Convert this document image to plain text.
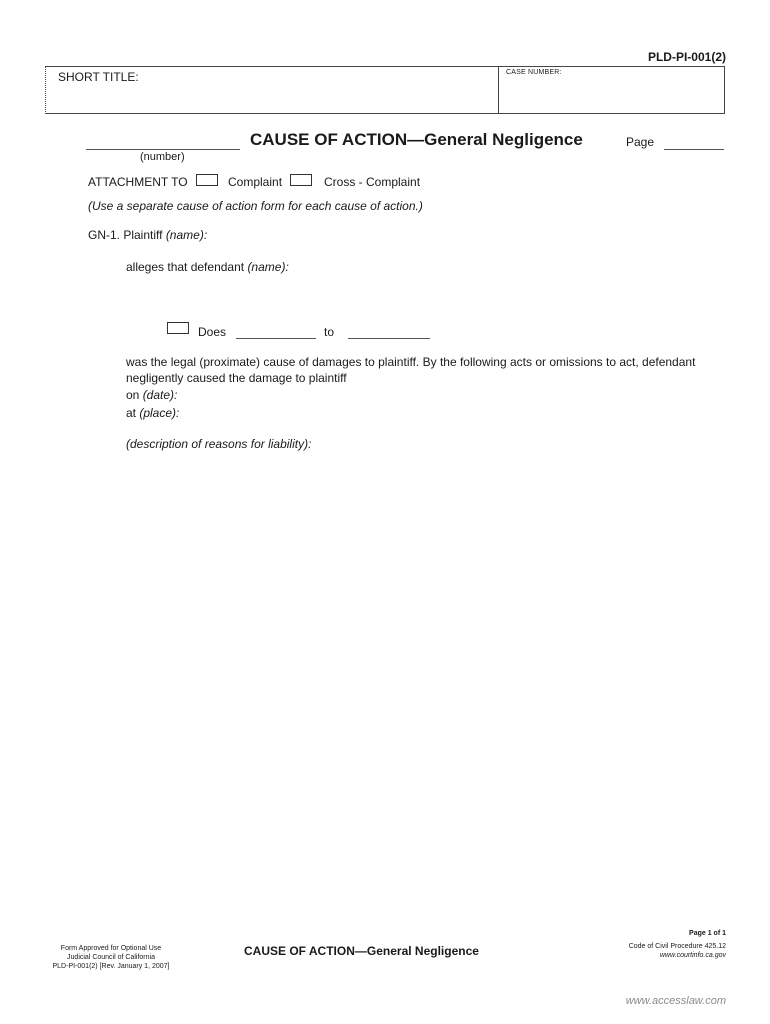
PLD-PI-001(2)
SHORT TITLE:	CASE NUMBER:
(number)
CAUSE OF ACTION—General Negligence	Page
ATTACHMENT TO	Complaint	Cross - Complaint
(Use a separate cause of action form for each cause of action.)
GN-1. Plaintiff (name):
alleges that defendant (name):
Does	to
was the legal (proximate) cause of damages to plaintiff. By the following acts or omissions to act, defendant
negligently caused the damage to plaintiff
on (date):
at (place):
(description of reasons for liability):
Page 1 of 1
Form Approved for Optional Use
Judicial Council of California
PLD-PI-001(2) [Rev. January 1, 2007]
CAUSE OF ACTION—General Negligence	Code of Civil Procedure 425.12
www.courtinfo.ca.gov
www.accesslaw.com
